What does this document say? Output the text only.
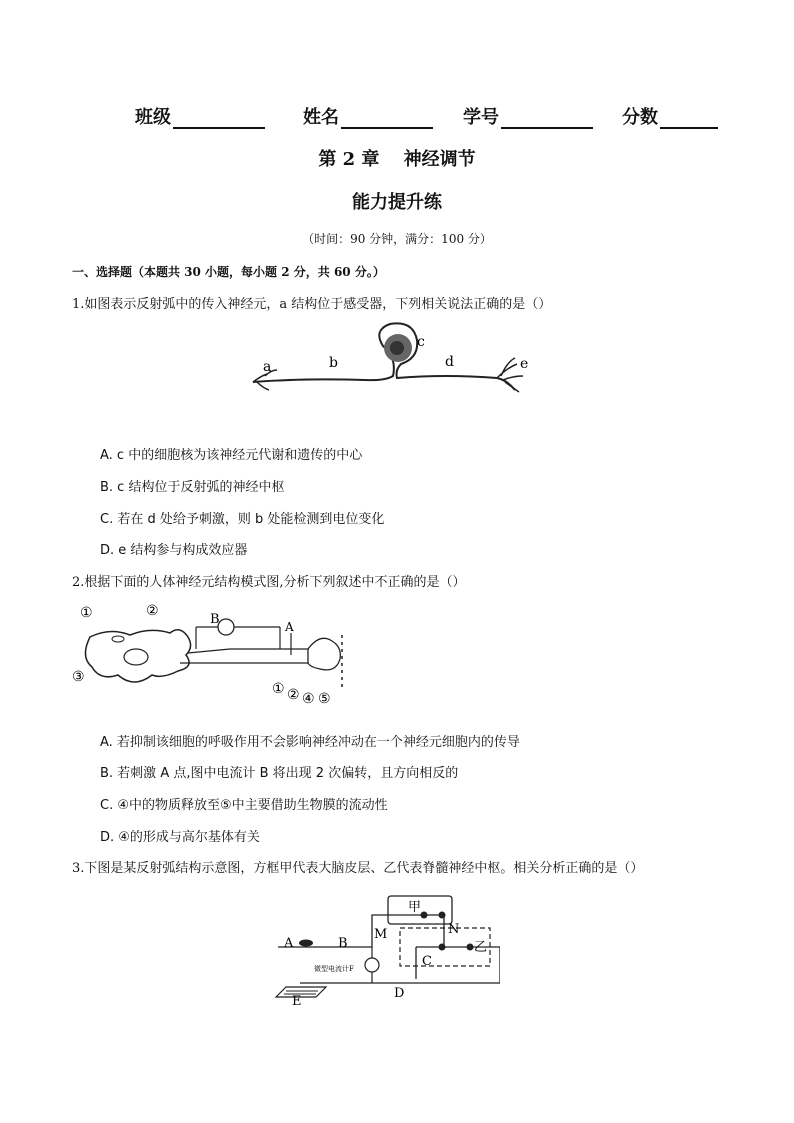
班级	姓名	学号	分数
第 2 章　 神经调节
能力提升练
（时间：90 分钟，满分：100 分）
一、选择题（本题共 30 小题，每小题 2 分，共 60 分。）
1.如图表示反射弧中的传入神经元，a 结构位于感受器，下列相关说法正确的是（）
a	b
c
d	e
A. c 中的细胞核为该神经元代谢和遗传的中心
B. c 结构位于反射弧的神经中枢
C. 若在 d 处给予刺激，则 b 处能检测到电位变化
D. e 结构参与构成效应器
2.根据下面的人体神经元结构模式图,分析下列叙述中不正确的是（）
①	②
③
B	A
① ② ④ ⑤
A. 若抑制该细胞的呼吸作用不会影响神经冲动在一个神经元细胞内的传导
B. 若刺激 A 点,图中电流计 B 将出现 2 次偏转，且方向相反的
C. ④中的物质释放至⑤中主要借助生物膜的流动性
D. ④的形成与高尔基体有关
3.下图是某反射弧结构示意图，方框甲代表大脑皮层、乙代表脊髓神经中枢。相关分析正确的是（）
甲
M	N
A	B	乙
C
微型电流计F
E
D
